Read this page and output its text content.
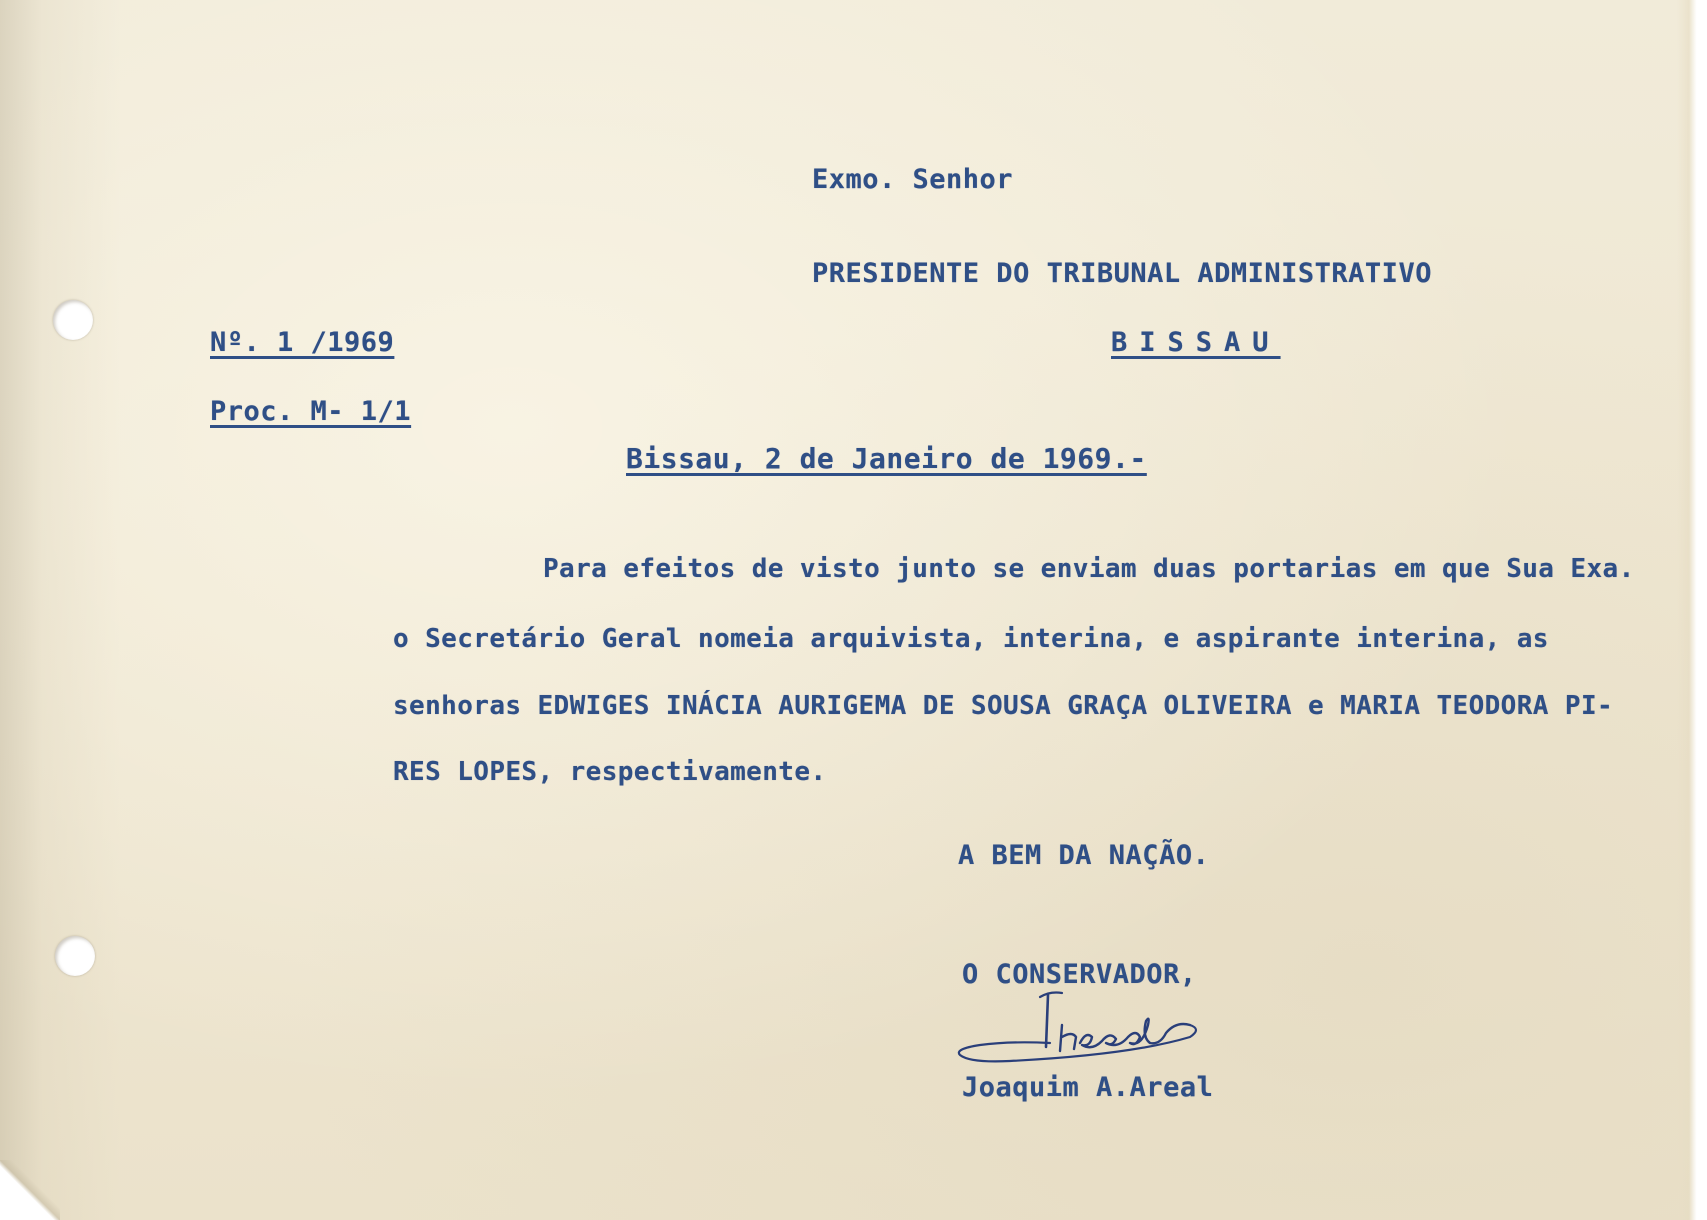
Exmo. Senhor
PRESIDENTE DO TRIBUNAL ADMINISTRATIVO
BISSAU
Nº. 1 /1969
Proc. M- 1/1
Bissau, 2 de Janeiro de 1969.-
Para efeitos de visto junto se enviam duas portarias em que Sua Exa.
o Secretário Geral nomeia arquivista, interina, e aspirante interina, as
senhoras EDWIGES INÁCIA AURIGEMA DE SOUSA GRAÇA OLIVEIRA e MARIA TEODORA PI-
RES LOPES, respectivamente.
A BEM DA NAÇÃO.
O CONSERVADOR,
Joaquim A.Areal
